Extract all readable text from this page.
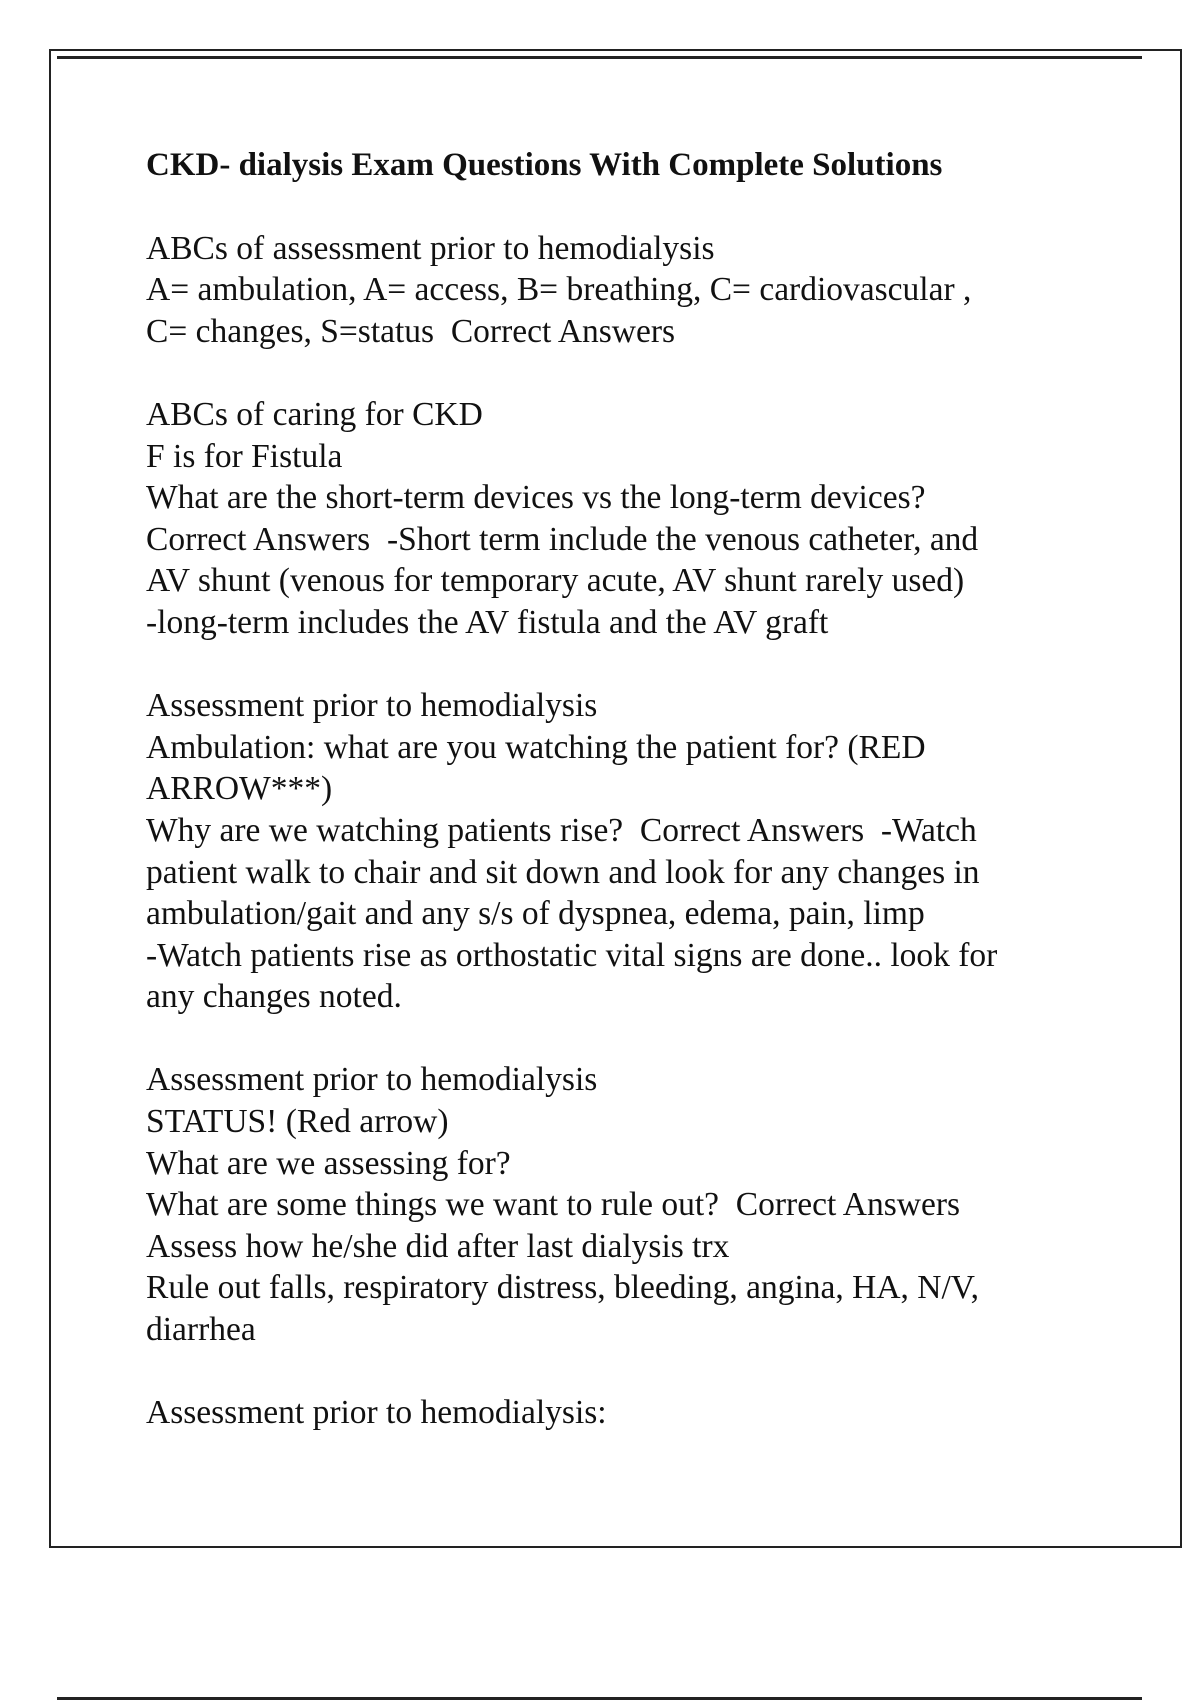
CKD- dialysis Exam Questions With Complete Solutions
ABCs of assessment prior to hemodialysis
A= ambulation, A= access, B= breathing, C= cardiovascular ,
C= changes, S=status  Correct Answers
ABCs of caring for CKD
F is for Fistula
What are the short-term devices vs the long-term devices?
Correct Answers  -Short term include the venous catheter, and
AV shunt (venous for temporary acute, AV shunt rarely used)
-long-term includes the AV fistula and the AV graft
Assessment prior to hemodialysis
Ambulation: what are you watching the patient for? (RED
ARROW***)
Why are we watching patients rise?  Correct Answers  -Watch
patient walk to chair and sit down and look for any changes in
ambulation/gait and any s/s of dyspnea, edema, pain, limp
-Watch patients rise as orthostatic vital signs are done.. look for
any changes noted.
Assessment prior to hemodialysis
STATUS! (Red arrow)
What are we assessing for?
What are some things we want to rule out?  Correct Answers
Assess how he/she did after last dialysis trx
Rule out falls, respiratory distress, bleeding, angina, HA, N/V,
diarrhea
Assessment prior to hemodialysis:
